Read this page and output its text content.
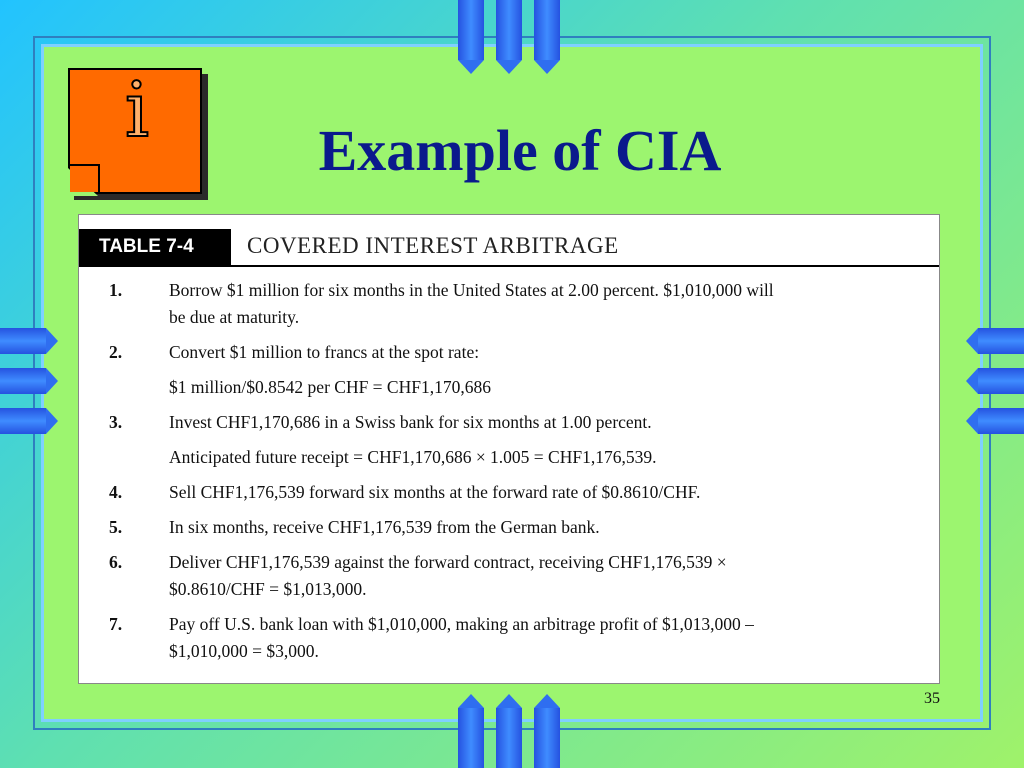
i	Example of CIA
TABLE 7-4	COVERED INTEREST ARBITRAGE
1.	Borrow $1 million for six months in the United States at 2.00 percent. $1,010,000 will
be due at maturity.
2.	Convert $1 million to francs at the spot rate:
$1 million/$0.8542 per CHF = CHF1,170,686
3.	Invest CHF1,170,686 in a Swiss bank for six months at 1.00 percent.
Anticipated future receipt = CHF1,170,686 × 1.005 = CHF1,176,539.
4.	Sell CHF1,176,539 forward six months at the forward rate of $0.8610/CHF.
5.	In six months, receive CHF1,176,539 from the German bank.
6.	Deliver CHF1,176,539 against the forward contract, receiving CHF1,176,539 ×
$0.8610/CHF = $1,013,000.
7.	Pay off U.S. bank loan with $1,010,000, making an arbitrage profit of $1,013,000 –
$1,010,000 = $3,000.
35
